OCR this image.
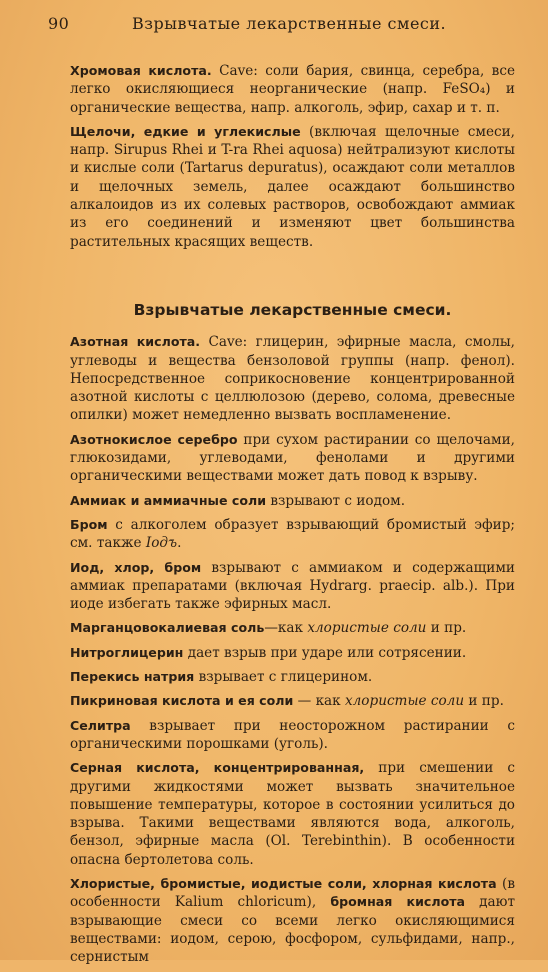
90	Взрывчатые лекарственные смеси.

Хромовая кислота. Cave: соли бария, свинца, серебра, все легко окисляющиеся неорганические (напр. FeSO₄) и органические вещества, напр. алкоголь, эфир, сахар и т. п.

Щелочи, едкие и углекислые (включая щелочные смеси, напр. Sirupus Rhei и T-ra Rhei aquosa) нейтрализуют кислоты и кислые соли (Tartarus depuratus), осаждают соли металлов и щелочных земель, далее осаждают большинство алкалоидов из их солевых растворов, освобождают аммиак из его соединений и изменяют цвет большинства растительных красящих веществ.

Взрывчатые лекарственные смеси.

Азотная кислота. Cave: глицерин, эфирные масла, смолы, углеводы и вещества бензоловой группы (напр. фенол). Непосредственное соприкосновение концентрированной азотной кислоты с целлюлозою (дерево, солома, древесные опилки) может немедленно вызвать воспламенение.

Азотнокислое серебро при сухом растирании со щелочами, глюкозидами, углеводами, фенолами и другими органическими веществами может дать повод к взрыву.

Аммиак и аммиачные соли взрывают с иодом.

Бром с алкоголем образует взрывающий бромистый эфир; см. также Іодъ.

Иод, хлор, бром взрывают с аммиаком и содержащими аммиак препаратами (включая Hydrarg. praecip. alb.). При иоде избегать также эфирных масл.

Марганцовокалиевая соль—как хлористые соли и пр.

Нитроглицерин дает взрыв при ударе или сотрясении.

Перекись натрия взрывает с глицерином.

Пикриновая кислота и ея соли — как хлористые соли и пр.

Селитра взрывает при неосторожном растирании с органическими порошками (уголь).

Серная кислота, концентрированная, при смешении с другими жидкостями может вызвать значительное повышение температуры, которое в состоянии усилиться до взрыва. Такими веществами являются вода, алкоголь, бензол, эфирные масла (Ol. Terebinthin). В особенности опасна бертолетова соль.

Хлористые, бромистые, иодистые соли, хлорная кислота (в особенности Kalium chloricum), бромная кислота дают взрывающие смеси со всеми легко окисляющимися веществами: иодом, серою, фосфором, сульфидами, напр., сернистым
